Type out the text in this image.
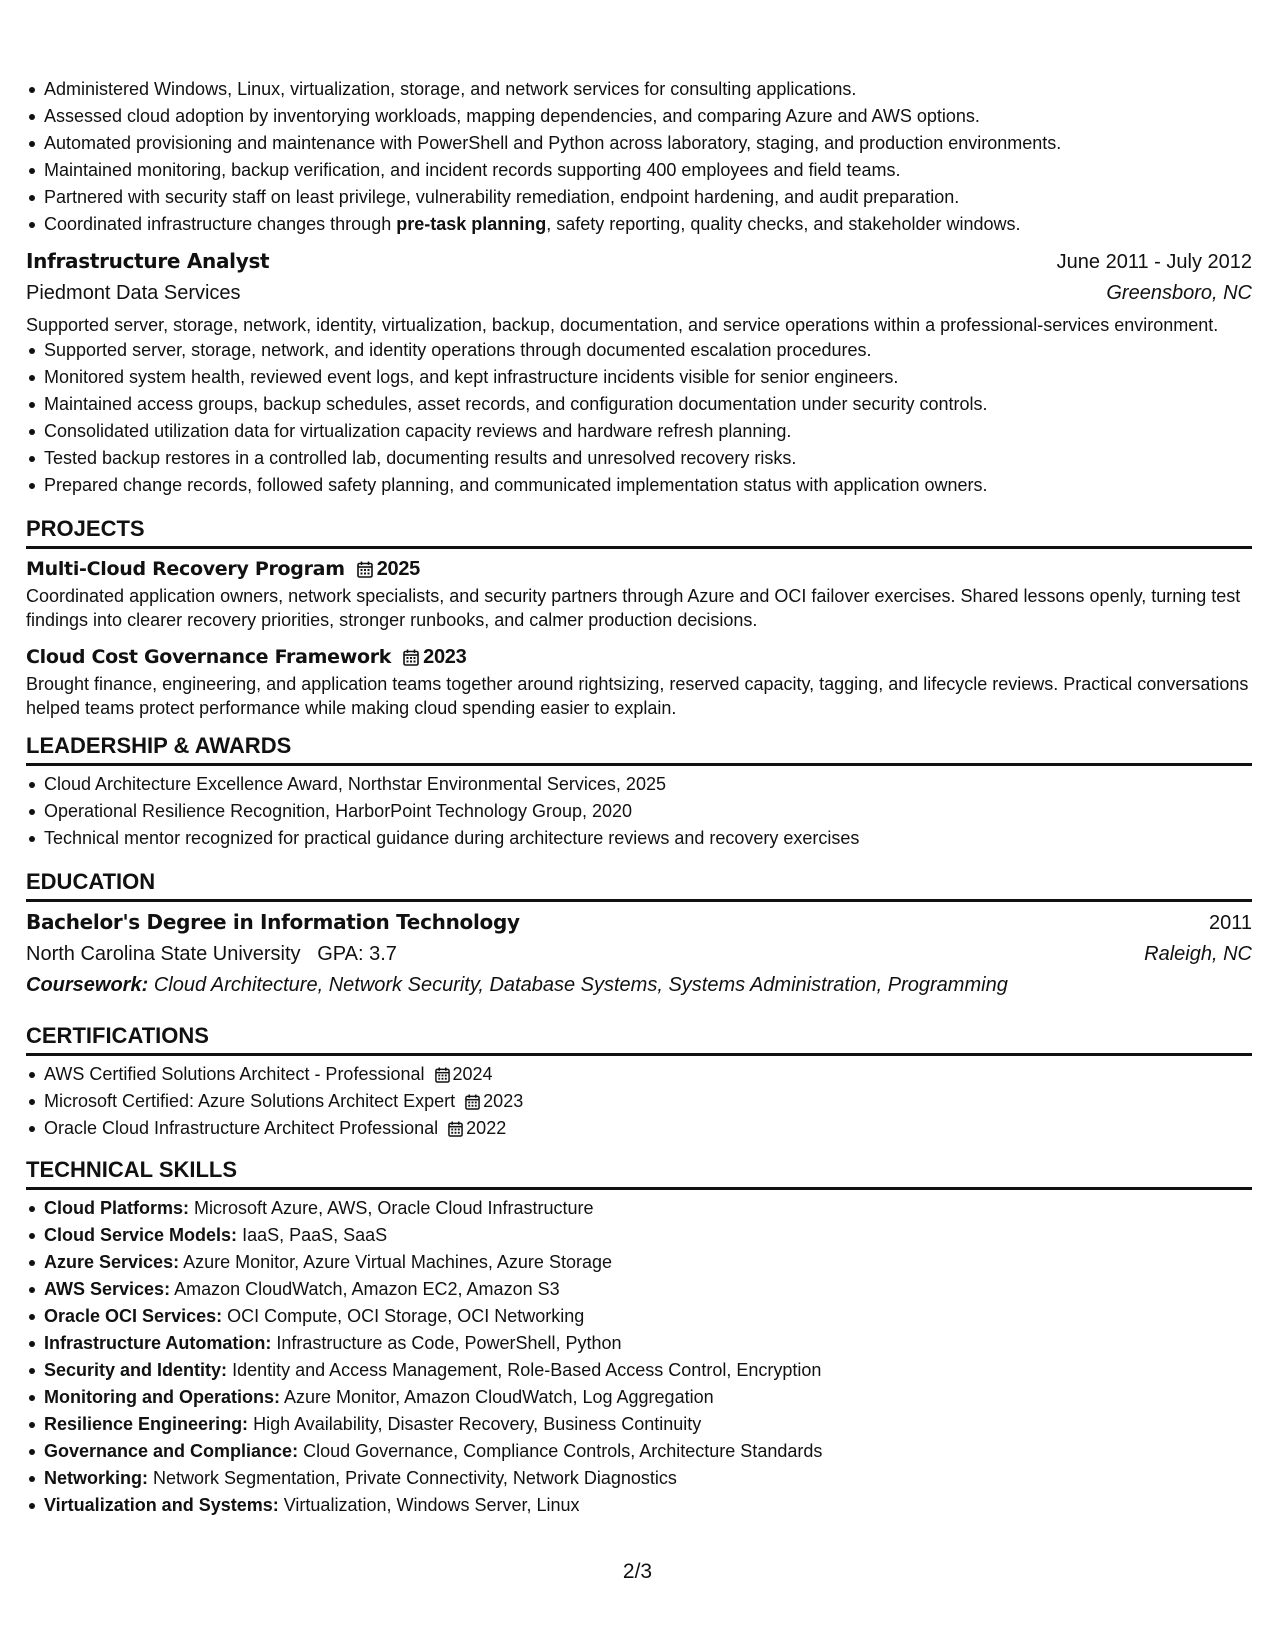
Administered Windows, Linux, virtualization, storage, and network services for consulting applications.
Assessed cloud adoption by inventorying workloads, mapping dependencies, and comparing Azure and AWS options.
Automated provisioning and maintenance with PowerShell and Python across laboratory, staging, and production environments.
Maintained monitoring, backup verification, and incident records supporting 400 employees and field teams.
Partnered with security staff on least privilege, vulnerability remediation, endpoint hardening, and audit preparation.
Coordinated infrastructure changes through pre-task planning, safety reporting, quality checks, and stakeholder windows.
Infrastructure Analyst	June 2011 - July 2012
Piedmont Data Services	Greensboro, NC
Supported server, storage, network, identity, virtualization, backup, documentation, and service operations within a professional-services environment.
Supported server, storage, network, and identity operations through documented escalation procedures.
Monitored system health, reviewed event logs, and kept infrastructure incidents visible for senior engineers.
Maintained access groups, backup schedules, asset records, and configuration documentation under security controls.
Consolidated utilization data for virtualization capacity reviews and hardware refresh planning.
Tested backup restores in a controlled lab, documenting results and unresolved recovery risks.
Prepared change records, followed safety planning, and communicated implementation status with application owners.
PROJECTS
Multi-Cloud Recovery Program 2025
Coordinated application owners, network specialists, and security partners through Azure and OCI failover exercises. Shared lessons openly, turning test findings into clearer recovery priorities, stronger runbooks, and calmer production decisions.
Cloud Cost Governance Framework 2023
Brought finance, engineering, and application teams together around rightsizing, reserved capacity, tagging, and lifecycle reviews. Practical conversations helped teams protect performance while making cloud spending easier to explain.
LEADERSHIP & AWARDS
Cloud Architecture Excellence Award, Northstar Environmental Services, 2025
Operational Resilience Recognition, HarborPoint Technology Group, 2020
Technical mentor recognized for practical guidance during architecture reviews and recovery exercises
EDUCATION
Bachelor's Degree in Information Technology	2011
North Carolina State University GPA: 3.7	Raleigh, NC
Coursework: Cloud Architecture, Network Security, Database Systems, Systems Administration, Programming
CERTIFICATIONS
AWS Certified Solutions Architect - Professional 2024
Microsoft Certified: Azure Solutions Architect Expert 2023
Oracle Cloud Infrastructure Architect Professional 2022
TECHNICAL SKILLS
Cloud Platforms: Microsoft Azure, AWS, Oracle Cloud Infrastructure
Cloud Service Models: IaaS, PaaS, SaaS
Azure Services: Azure Monitor, Azure Virtual Machines, Azure Storage
AWS Services: Amazon CloudWatch, Amazon EC2, Amazon S3
Oracle OCI Services: OCI Compute, OCI Storage, OCI Networking
Infrastructure Automation: Infrastructure as Code, PowerShell, Python
Security and Identity: Identity and Access Management, Role-Based Access Control, Encryption
Monitoring and Operations: Azure Monitor, Amazon CloudWatch, Log Aggregation
Resilience Engineering: High Availability, Disaster Recovery, Business Continuity
Governance and Compliance: Cloud Governance, Compliance Controls, Architecture Standards
Networking: Network Segmentation, Private Connectivity, Network Diagnostics
Virtualization and Systems: Virtualization, Windows Server, Linux
2/3
